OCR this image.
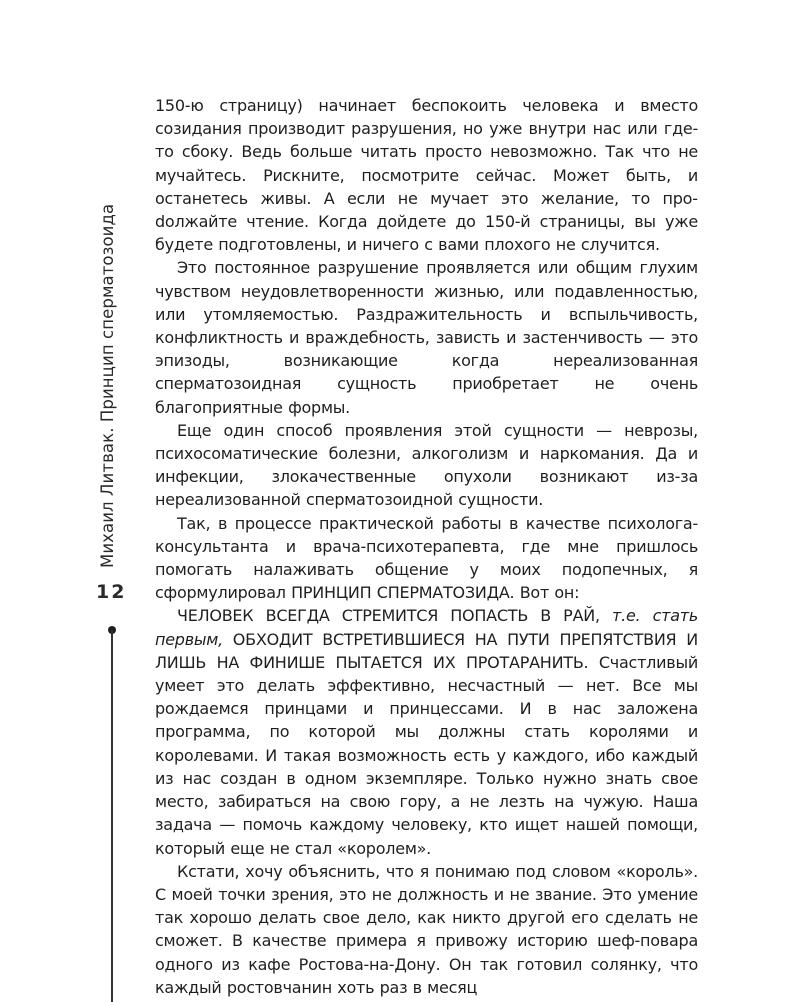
Михаил Литвак. Принцип сперматозоида
12

150-ю страницу) начинает беспокоить человека и вместо созидания производит разрушения, но уже внутри нас или где-то сбоку. Ведь больше читать просто невозможно. Так что не мучайтесь. Рискните, посмотрите сейчас. Может быть, и останетесь живы. А если не мучает это желание, то проdолжайте чтение. Когда дойдете до 150-й страницы, вы уже будете подготовлены, и ничего с вами плохого не случится.

Это постоянное разрушение проявляется или общим глухим чувством неудовлетворенности жизнью, или подавленностью, или утомляемостью. Раздражительность и вспыльчивость, конфликтность и враждебность, зависть и застенчивость — это эпизоды, возникающие когда нереализованная сперматозоидная сущность приобретает не очень благоприятные формы.

Еще один способ проявления этой сущности — неврозы, психосоматические болезни, алкоголизм и наркомания. Да и инфекции, злокачественные опухоли возникают из-за нереализованной сперматозоидной сущности.

Так, в процессе практической работы в качестве психолога-консультанта и врача-психотерапевта, где мне пришлось помогать налаживать общение у моих подопечных, я сформулировал ПРИНЦИП СПЕРМАТОЗИДА. Вот он:

ЧЕЛОВЕК ВСЕГДА СТРЕМИТСЯ ПОПАСТЬ В РАЙ, т.е. стать первым, ОБХОДИТ ВСТРЕТИВШИЕСЯ НА ПУТИ ПРЕПЯТСТВИЯ И ЛИШЬ НА ФИНИШЕ ПЫТАЕТСЯ ИХ ПРОТАРАНИТЬ. Счастливый умеет это делать эффективно, несчастный — нет. Все мы рождаемся принцами и принцессами. И в нас заложена программа, по которой мы должны стать королями и королевами. И такая возможность есть у каждого, ибо каждый из нас создан в одном экземпляре. Только нужно знать свое место, забираться на свою гору, а не лезть на чужую. Наша задача — помочь каждому человеку, кто ищет нашей помощи, который еще не стал «королем».

Кстати, хочу объяснить, что я понимаю под словом «король». С моей точки зрения, это не должность и не звание. Это умение так хорошо делать свое дело, как никто другой его сделать не сможет. В качестве примера я привожу историю шеф-повара одного из кафе Ростова-на-Дону. Он так готовил солянку, что каждый ростовчанин хоть раз в месяц
